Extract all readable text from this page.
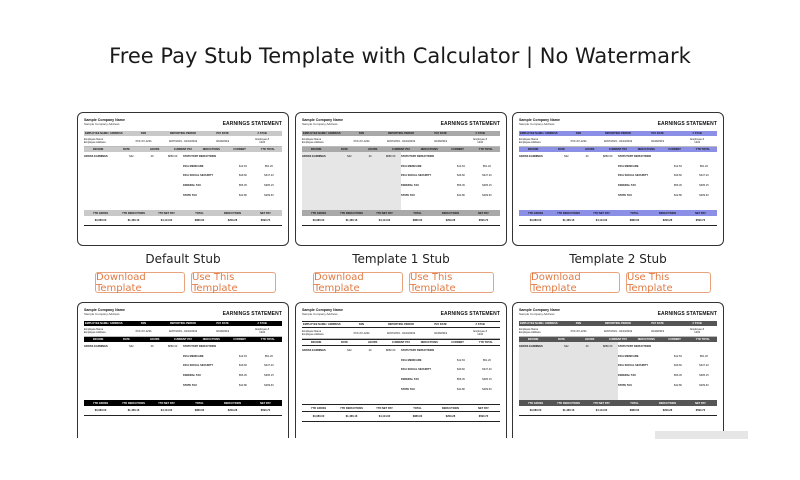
Free Pay Stub Template with Calculator | No Watermark
Sample Company Name
Sample Company Address	EARNINGS STATEMENT
EMPLOYEE NAME / ADDRESS	SSN	REPORTING PERIOD	PAY DATE	# STUB
Employee Name
Employee Address	XXX-XX-1234	02/07/2019 - 02/13/2019	02/18/2019	Employee #
1234
INCOME	RATE	HOURS	CURRENT PAY	DEDUCTIONS	CURRENT	YTD TOTAL
GROSS EARNINGS	$22	40	$880.00	STATUTORY DEDUCTIONS
FICA MEDICARE	$12.63	$51.20
FICA SOCIAL SECURITY	$49.60	$347.20
FEDERAL TAX	$56.45	$395.15
STATE TAX	$42.80	$299.60
YTD GROSS	YTD DEDUCTIONS	YTD NET PAY	TOTAL	DEDUCTIONS	NET PAY
$3,080.00	$1,466.16	$4,114.00	$880.00	$209.28	$590.72
Default Stub
Download Template
Use This Template
Sample Company Name
Sample Company Address	EARNINGS STATEMENT
EMPLOYEE NAME / ADDRESS	SSN	REPORTING PERIOD	PAY DATE	# STUB
Employee Name
Employee Address	XXX-XX-1234	02/07/2019 - 02/13/2019	02/18/2019	Employee #
1234
INCOME	RATE	HOURS	CURRENT PAY	DEDUCTIONS	CURRENT	YTD TOTAL
GROSS EARNINGS	$22	40	$880.00	STATUTORY DEDUCTIONS
FICA MEDICARE	$12.63	$51.20
FICA SOCIAL SECURITY	$49.60	$347.20
FEDERAL TAX	$56.45	$395.15
STATE TAX	$42.80	$299.60
YTD GROSS	YTD DEDUCTIONS	YTD NET PAY	TOTAL	DEDUCTIONS	NET PAY
$3,080.00	$1,466.16	$4,114.00	$880.00	$209.28	$590.72
Template 1 Stub
Download Template
Use This Template
Sample Company Name
Sample Company Address	EARNINGS STATEMENT
EMPLOYEE NAME / ADDRESS	SSN	REPORTING PERIOD	PAY DATE	# STUB
Employee Name
Employee Address	XXX-XX-1234	02/07/2019 - 02/13/2019	02/18/2019	Employee #
1234
INCOME	RATE	HOURS	CURRENT PAY	DEDUCTIONS	CURRENT	YTD TOTAL
GROSS EARNINGS	$22	40	$880.00	STATUTORY DEDUCTIONS
FICA MEDICARE	$12.63	$51.20
FICA SOCIAL SECURITY	$49.60	$347.20
FEDERAL TAX	$56.45	$395.15
STATE TAX	$42.80	$299.60
YTD GROSS	YTD DEDUCTIONS	YTD NET PAY	TOTAL	DEDUCTIONS	NET PAY
$3,080.00	$1,466.16	$4,114.00	$880.00	$209.28	$590.72
Template 2 Stub
Download Template
Use This Template
Sample Company Name
Sample Company Address	EARNINGS STATEMENT
EMPLOYEE NAME / ADDRESS	SSN	REPORTING PERIOD	PAY DATE	# STUB
Employee Name
Employee Address	XXX-XX-1234	02/07/2019 - 02/13/2019	02/18/2019	Employee #
1234
INCOME	RATE	HOURS	CURRENT PAY	DEDUCTIONS	CURRENT	YTD TOTAL
GROSS EARNINGS	$22	40	$880.00	STATUTORY DEDUCTIONS
FICA MEDICARE	$12.63	$51.20
FICA SOCIAL SECURITY	$49.60	$347.20
FEDERAL TAX	$56.45	$395.15
STATE TAX	$42.80	$299.60
YTD GROSS	YTD DEDUCTIONS	YTD NET PAY	TOTAL	DEDUCTIONS	NET PAY
$3,080.00	$1,466.16	$4,114.00	$880.00	$209.28	$590.72
Sample Company Name
Sample Company Address	EARNINGS STATEMENT
EMPLOYEE NAME / ADDRESS	SSN	REPORTING PERIOD	PAY DATE	# STUB
Employee Name
Employee Address	XXX-XX-1234	02/07/2019 - 02/13/2019	02/18/2019	Employee #
1234
INCOME	RATE	HOURS	CURRENT PAY	DEDUCTIONS	CURRENT	YTD TOTAL
GROSS EARNINGS	$22	40	$880.00	STATUTORY DEDUCTIONS
FICA MEDICARE	$12.63	$51.20
FICA SOCIAL SECURITY	$49.60	$347.20
FEDERAL TAX	$56.45	$395.15
STATE TAX	$42.80	$299.60
YTD GROSS	YTD DEDUCTIONS	YTD NET PAY	TOTAL	DEDUCTIONS	NET PAY
$3,080.00	$1,466.16	$4,114.00	$880.00	$209.28	$590.72
Sample Company Name
Sample Company Address	EARNINGS STATEMENT
EMPLOYEE NAME / ADDRESS	SSN	REPORTING PERIOD	PAY DATE	# STUB
Employee Name
Employee Address	XXX-XX-1234	02/07/2019 - 02/13/2019	02/18/2019	Employee #
1234
INCOME	RATE	HOURS	CURRENT PAY	DEDUCTIONS	CURRENT	YTD TOTAL
GROSS EARNINGS	$22	40	$880.00	STATUTORY DEDUCTIONS
FICA MEDICARE	$12.63	$51.20
FICA SOCIAL SECURITY	$49.60	$347.20
FEDERAL TAX	$56.45	$395.15
STATE TAX	$42.80	$299.60
YTD GROSS	YTD DEDUCTIONS	YTD NET PAY	TOTAL	DEDUCTIONS	NET PAY
$3,080.00	$1,466.16	$4,114.00	$880.00	$209.28	$590.72
